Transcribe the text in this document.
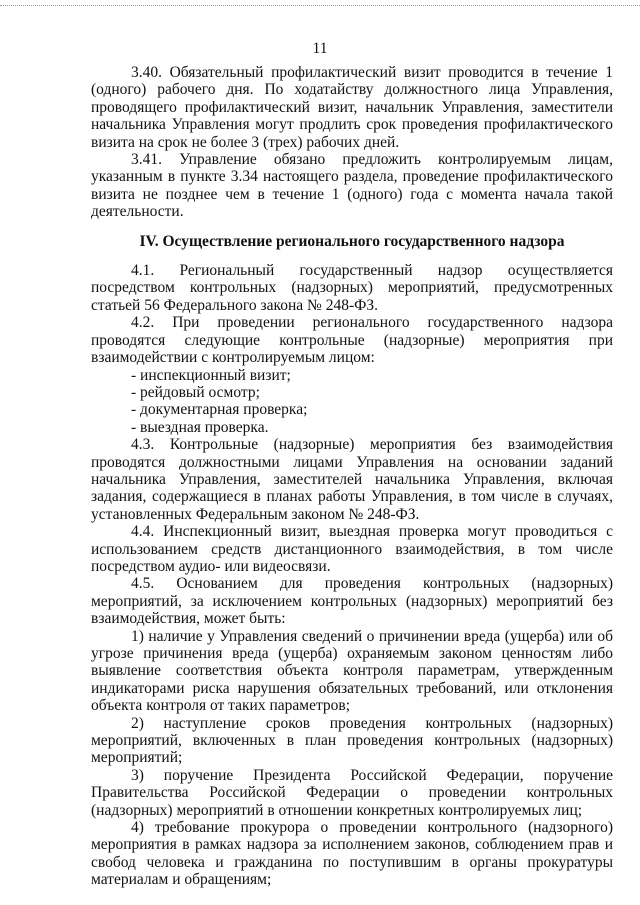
11

3.40. Обязательный профилактический визит проводится в течение 1 (одного) рабочего дня. По ходатайству должностного лица Управления, проводящего профилактический визит, начальник Управления, заместители начальника Управления могут продлить срок проведения профилактического визита на срок не более 3 (трех) рабочих дней.

3.41. Управление обязано предложить контролируемым лицам, указанным в пункте 3.34 настоящего раздела, проведение профилактического визита не позднее чем в течение 1 (одного) года с момента начала такой деятельности.

IV. Осуществление регионального государственного надзора

4.1. Региональный государственный надзор осуществляется посредством контрольных (надзорных) мероприятий, предусмотренных статьей 56 Федерального закона № 248-ФЗ.

4.2. При проведении регионального государственного надзора проводятся следующие контрольные (надзорные) мероприятия при взаимодействии с контролируемым лицом:

- инспекционный визит;

- рейдовый осмотр;

- документарная проверка;

- выездная проверка.

4.3. Контрольные (надзорные) мероприятия без взаимодействия проводятся должностными лицами Управления на основании заданий начальника Управления, заместителей начальника Управления, включая задания, содержащиеся в планах работы Управления, в том числе в случаях, установленных Федеральным законом № 248-ФЗ.

4.4. Инспекционный визит, выездная проверка могут проводиться с использованием средств дистанционного взаимодействия, в том числе посредством аудио- или видеосвязи.

4.5. Основанием для проведения контрольных (надзорных) мероприятий, за исключением контрольных (надзорных) мероприятий без взаимодействия, может быть:

1) наличие у Управления сведений о причинении вреда (ущерба) или об угрозе причинения вреда (ущерба) охраняемым законом ценностям либо выявление соответствия объекта контроля параметрам, утвержденным индикаторами риска нарушения обязательных требований, или отклонения объекта контроля от таких параметров;

2) наступление сроков проведения контрольных (надзорных) мероприятий, включенных в план проведения контрольных (надзорных) мероприятий;

3) поручение Президента Российской Федерации, поручение Правительства Российской Федерации о проведении контрольных (надзорных) мероприятий в отношении конкретных контролируемых лиц;

4) требование прокурора о проведении контрольного (надзорного) мероприятия в рамках надзора за исполнением законов, соблюдением прав и свобод человека и гражданина по поступившим в органы прокуратуры материалам и обращениям;
